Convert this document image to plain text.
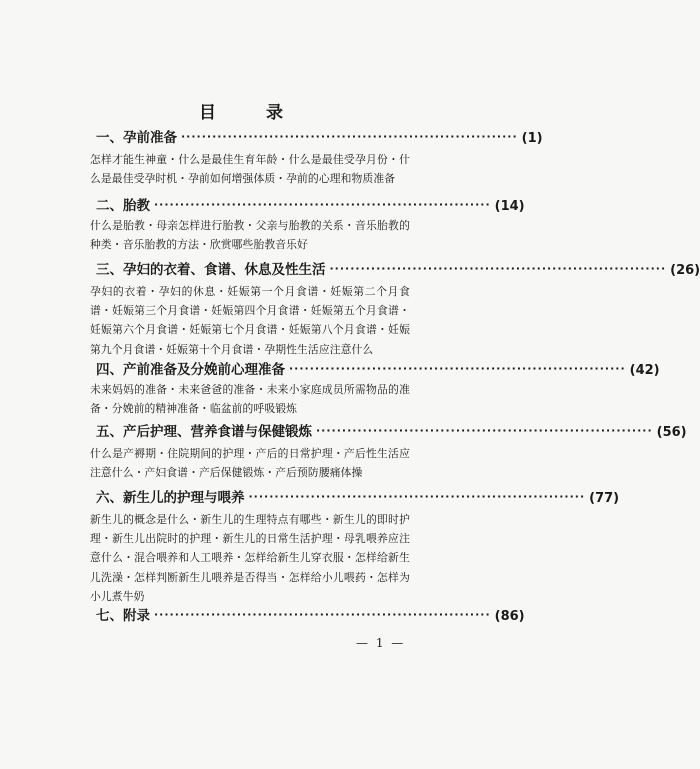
目 录
一、孕前准备 ································································· (1)
怎样才能生神童・什么是最佳生育年龄・什么是最佳受孕月份・什么是最佳受孕时机・孕前如何增强体质・孕前的心理和物质准备
二、胎教 ································································· (14)
什么是胎教・母亲怎样进行胎教・父亲与胎教的关系・音乐胎教的种类・音乐胎教的方法・欣赏哪些胎教音乐好
三、孕妇的衣着、食谱、休息及性生活 ································································· (26)
孕妇的衣着・孕妇的休息・妊娠第一个月食谱・妊娠第二个月食谱・妊娠第三个月食谱・妊娠第四个月食谱・妊娠第五个月食谱・妊娠第六个月食谱・妊娠第七个月食谱・妊娠第八个月食谱・妊娠第九个月食谱・妊娠第十个月食谱・孕期性生活应注意什么
四、产前准备及分娩前心理准备 ································································· (42)
未来妈妈的准备・未来爸爸的准备・未来小家庭成员所需物品的准备・分娩前的精神准备・临盆前的呼吸锻炼
五、产后护理、营养食谱与保健锻炼 ································································· (56)
什么是产褥期・住院期间的护理・产后的日常护理・产后性生活应注意什么・产妇食谱・产后保健锻炼・产后预防腰痛体操
六、新生儿的护理与喂养 ································································· (77)
新生儿的概念是什么・新生儿的生理特点有哪些・新生儿的即时护理・新生儿出院时的护理・新生儿的日常生活护理・母乳喂养应注意什么・混合喂养和人工喂养・怎样给新生儿穿衣服・怎样给新生儿洗澡・怎样判断新生儿喂养是否得当・怎样给小儿喂药・怎样为小儿煮牛奶
七、附录 ································································· (86)
— 1 —
